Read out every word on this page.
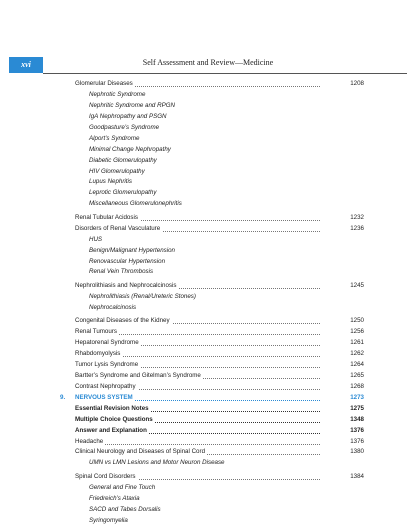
xvi	Self Assessment and Review—Medicine
Glomerular Diseases	1208
Nephrotic Syndrome
Nephritic Syndrome and RPGN
IgA Nephropathy and PSGN
Goodpasture’s Syndrome
Alport’s Syndrome
Minimal Change Nephropathy
Diabetic Glomerulopathy
HIV Glomerulopathy
Lupus Nephritis
Leprotic Glomerulopathy
Miscellaneous Glomerulonephritis
Renal Tubular Acidosis	1232
Disorders of Renal Vasculature	1236
HUS
Benign/Malignant Hypertension
Renovascular Hypertension
Renal Vein Thrombosis
Nephrolithiasis and Nephrocalcinosis	1245
Nephrolithiasis (Renal/Ureteric Stones)
Nephrocalcinosis
Congenital Diseases of the Kidney	1250
Renal Tumours	1256
Hepatorenal Syndrome	1261
Rhabdomyolysis	1262
Tumor Lysis Syndrome	1264
Bartter’s Syndrome and Gitelman’s Syndrome	1265
Contrast Nephropathy	1268
9.	NERVOUS SYSTEM	1273
Essential Revision Notes	1275
Multiple Choice Questions	1348
Answer and Explanation	1376
Headache	1376
Clinical Neurology and Diseases of Spinal Cord	1380
UMN vs LMN Lesions and Motor Neuron Disease
Spinal Cord Disorders	1384
General and Fine Touch
Friedreich’s Ataxia
SACD and Tabes Dorsalis
Syringomyelia
